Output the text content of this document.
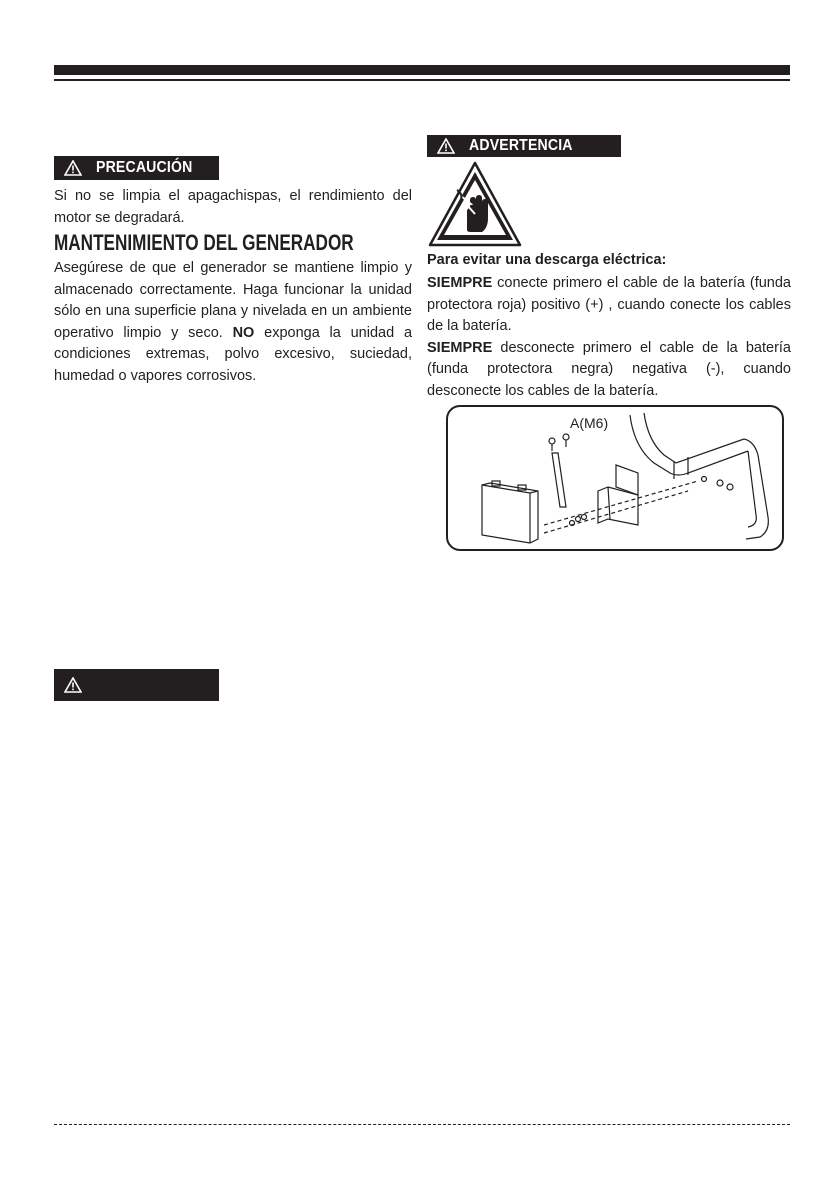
PRECAUCIÓN
Si no se limpia el apagachispas, el rendimiento del motor se degradará.
MANTENIMIENTO DEL GENERADOR
Asegúrese de que el generador se mantiene limpio y almacenado correctamente. Haga funcionar la unidad sólo en una superficie plana y nivelada en un ambiente operativo limpio y seco. NO exponga la unidad a condiciones extremas, polvo excesivo, suciedad, humedad o vapores corrosivos.
ADVERTENCIA
Para evitar una descarga eléctrica:
SIEMPRE conecte primero el cable de la batería (funda protectora roja) positivo (+) , cuando conecte los cables de la batería.
SIEMPRE desconecte primero el cable de la batería (funda protectora negra) negativa (-), cuando desconecte los cables de la batería.
A(M6)
